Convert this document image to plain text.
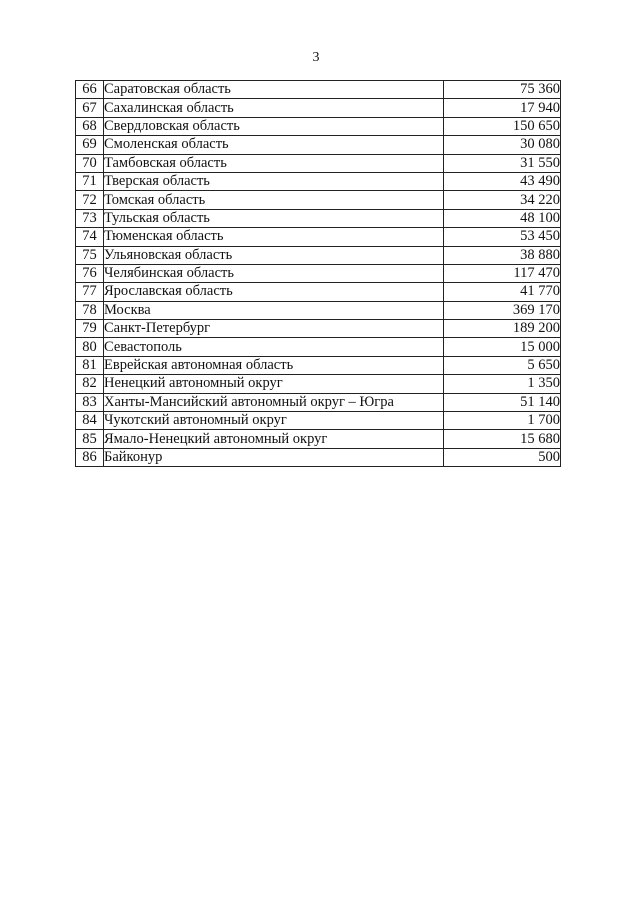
3
66	Саратовская область	75 360
67	Сахалинская область	17 940
68	Свердловская область	150 650
69	Смоленская область	30 080
70	Тамбовская область	31 550
71	Тверская область	43 490
72	Томская область	34 220
73	Тульская область	48 100
74	Тюменская область	53 450
75	Ульяновская область	38 880
76	Челябинская область	117 470
77	Ярославская область	41 770
78	Москва	369 170
79	Санкт-Петербург	189 200
80	Севастополь	15 000
81	Еврейская автономная область	5 650
82	Ненецкий автономный округ	1 350
83	Ханты-Мансийский автономный округ – Югра	51 140
84	Чукотский автономный округ	1 700
85	Ямало-Ненецкий автономный округ	15 680
86	Байконур	500
